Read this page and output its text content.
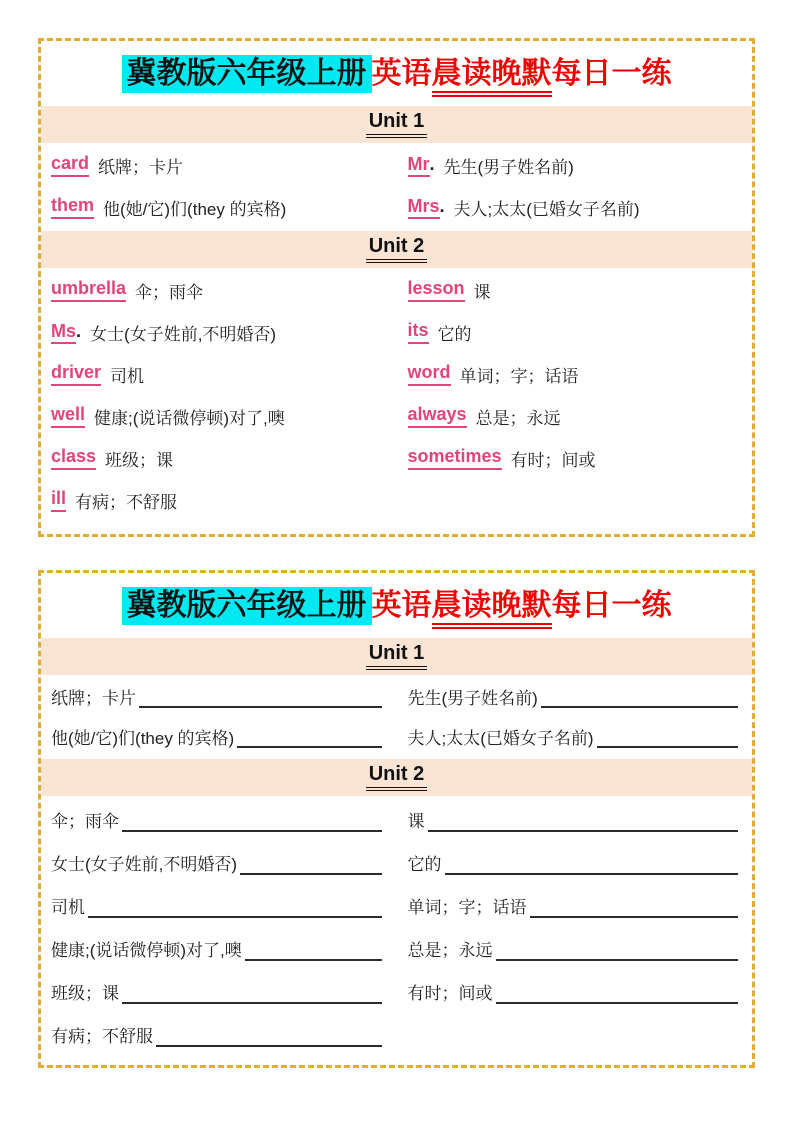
冀教版六年级上册 英语晨读晚默每日一练
Unit 1
card 纸牌；卡片	Mr . 先生(男子姓名前)
them 他(她/它)们(they 的宾格)	Mrs . 夫人;太太(已婚女子名前)
Unit 2
umbrella 伞；雨伞	lesson 课
Ms . 女士(女子姓前,不明婚否)	its 它的
driver 司机	word 单词；字；话语
well 健康;(说话微停顿)对了,噢	always 总是；永远
class 班级；课	sometimes 有时；间或
ill 有病；不舒服
冀教版六年级上册 英语晨读晚默每日一练
Unit 1
纸牌；卡片	先生(男子姓名前)
他(她/它)们(they 的宾格)	夫人;太太(已婚女子名前)
Unit 2
伞；雨伞	课
女士(女子姓前,不明婚否)	它的
司机	单词；字；话语
健康;(说话微停顿)对了,噢	总是；永远
班级；课	有时；间或
有病；不舒服
